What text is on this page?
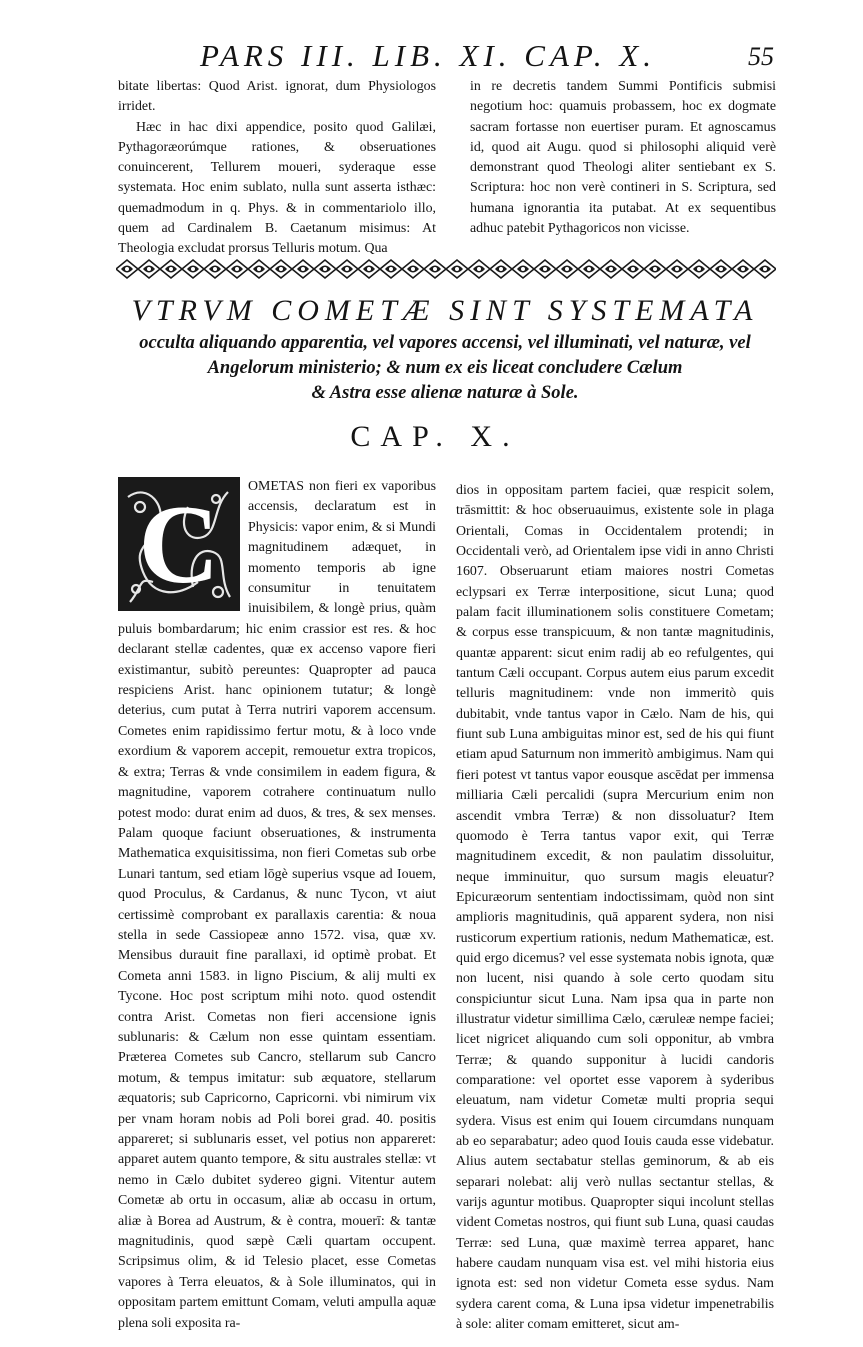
PARS III. LIB. XI. CAP. X.	55

bitate libertas: Quod Arist. ignorat, dum Physiologos irridet.

Hæc in hac dixi appendice, posito quod Galilæi, Pythagoræorúmque rationes, & obseruationes conuincerent, Tellurem moueri, syderaque esse systemata. Hoc enim sublato, nulla sunt asserta isthæc: quemadmodum in q. Phys. & in commentariolo illo, quem ad Cardinalem B. Caetanum misimus: At Theologia excludat prorsus Telluris motum. Qua

in re decretis tandem Summi Pontificis submisi negotium hoc: quamuis probassem, hoc ex dogmate sacram fortasse non euertiser puram. Et agnoscamus id, quod ait Augu. quod si philosophi aliquid verè demonstrant quod Theologi aliter sentiebant ex S. Scriptura: hoc non verè contineri in S. Scriptura, sed humana ignorantia ita putabat. At ex sequentibus adhuc patebit Pythagoricos non vicisse.

VTRVM COMETÆ SINT SYSTEMATA
occulta aliquando apparentia, vel vapores accensi, vel illuminati, vel naturæ, vel
Angelorum ministerio; & num ex eis liceat concludere Cælum
& Astra esse alienæ naturæ à Sole.
CAP. X.
C	OMETAS non fieri ex vaporibus accensis, declaratum est in Physicis: vapor enim, & si Mundi magnitudinem adæquet, in momento temporis ab igne consumitur in tenuitatem inuisibilem, & longè prius, quàm puluis bombardarum; hic enim crassior est res. & hoc declarant stellæ cadentes, quæ ex accenso vapore fieri existimantur, subitò pereuntes: Quapropter ad pauca respiciens Arist. hanc opinionem tutatur; & longè deterius, cum putat à Terra nutriri vaporem accensum. Cometes enim rapidissimo fertur motu, & à loco vnde exordium & vaporem accepit, remouetur extra tropicos, & extra; Terras & vnde consimilem in eadem figura, & magnitudine, vaporem cotrahere continuatum nullo potest modo: durat enim ad duos, & tres, & sex menses. Palam quoque faciunt obseruationes, & instrumenta Mathematica exquisitissima, non fieri Cometas sub orbe Lunari tantum, sed etiam lōgè superius vsque ad Iouem, quod Proculus, & Cardanus, & nunc Tycon, vt aiut certissimè comprobant ex parallaxis carentia: & noua stella in sede Cassiopeæ anno 1572. visa, quæ xv. Mensibus durauit fine parallaxi, id optimè probat. Et Cometa anni 1583. in ligno Piscium, & alij multi ex Tycone. Hoc post scriptum mihi noto. quod ostendit contra Arist. Cometas non fieri accensione ignis sublunaris: & Cælum non esse quintam essentiam. Præterea Cometes sub Cancro, stellarum sub Cancro motum, & tempus imitatur: sub æquatore, stellarum æquatoris; sub Capricorno, Capricorni. vbi nimirum vix per vnam horam nobis ad Poli borei grad. 40. positis appareret; si sublunaris esset, vel potius non appareret: apparet autem quanto tempore, & situ australes stellæ: vt nemo in Cælo dubitet sydereo gigni. Vitentur autem Cometæ ab ortu in occasum, aliæ ab occasu in ortum, aliæ à Borea ad Austrum, & è contra, mouerī: & tantæ magnitudinis, quod sæpè Cæli quartam occupent. Scripsimus olim, & id Telesio placet, esse Cometas vapores à Terra eleuatos, & à Sole illuminatos, qui in oppositam partem emittunt Comam, veluti ampulla aquæ plena soli exposita ra-

dios in oppositam partem faciei, quæ respicit solem, trāsmittit: & hoc obseruauimus, existente sole in plaga Orientali, Comas in Occidentalem protendi; in Occidentali verò, ad Orientalem ipse vidi in anno Christi 1607. Obseruarunt etiam maiores nostri Cometas eclypsari ex Terræ interpositione, sicut Luna; quod palam facit illuminationem solis constituere Cometam; & corpus esse transpicuum, & non tantæ magnitudinis, quantæ apparent: sicut enim radij ab eo refulgentes, qui tantum Cæli occupant. Corpus autem eius parum excedit telluris magnitudinem: vnde non immeritò quis dubitabit, vnde tantus vapor in Cælo. Nam de his, qui fiunt sub Luna ambiguitas minor est, sed de his qui fiunt etiam apud Saturnum non immeritò ambigimus. Nam qui fieri potest vt tantus vapor eousque ascēdat per immensa milliaria Cæli percalidi (supra Mercurium enim non ascendit vmbra Terræ) & non dissoluatur? Item quomodo è Terra tantus vapor exit, qui Terræ magnitudinem excedit, & non paulatim dissoluitur, neque imminuitur, quo sursum magis eleuatur? Epicuræorum sententiam indoctissimam, quòd non sint amplioris magnitudinis, quā apparent sydera, non nisi rusticorum expertium rationis, nedum Mathematicæ, est. quid ergo dicemus? vel esse systemata nobis ignota, quæ non lucent, nisi quando à sole certo quodam situ conspiciuntur sicut Luna. Nam ipsa qua in parte non illustratur videtur simillima Cælo, cæruleæ nempe faciei; licet nigricet aliquando cum soli opponitur, ab vmbra Terræ; & quando supponitur à lucidi candoris comparatione: vel oportet esse vaporem à syderibus eleuatum, nam videtur Cometæ multi propria sequi sydera. Visus est enim qui Iouem circumdans nunquam ab eo separabatur; adeo quod Iouis cauda esse videbatur. Alius autem sectabatur stellas geminorum, & ab eis separari nolebat: alij verò nullas sectantur stellas, & varijs aguntur motibus. Quapropter siqui incolunt stellas vident Cometas nostros, qui fiunt sub Luna, quasi caudas Terræ: sed Luna, quæ maximè terrea apparet, hanc habere caudam nunquam visa est. vel mihi historia eius ignota est: sed non videtur Cometa esse sydus. Nam sydera carent coma, & Luna ipsa videtur impenetrabilis à sole: aliter comam emitteret, sicut am-
